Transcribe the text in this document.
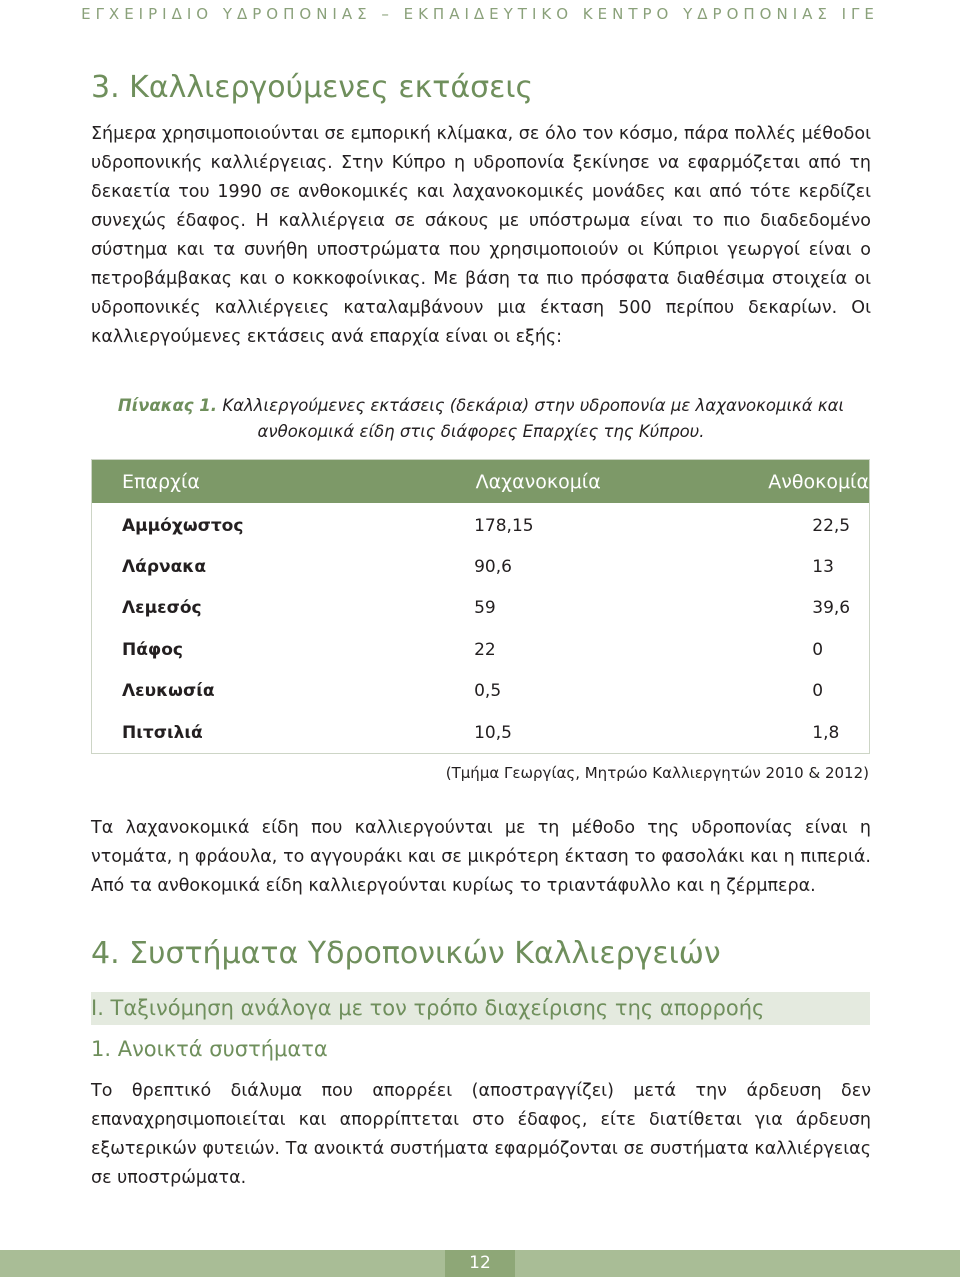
ΕΓΧΕΙΡΙΔΙΟ ΥΔΡΟΠΟΝΙΑΣ – ΕΚΠΑΙΔΕΥΤΙΚΟ ΚΕΝΤΡΟ ΥΔΡΟΠΟΝΙΑΣ ΙΓΕ
3. Καλλιεργούμενες εκτάσεις

Σήμερα χρησιμοποιούνται σε εμπορική κλίμακα, σε όλο τον κόσμο, πάρα πολλές μέθοδοι υδροπονικής καλλιέργειας. Στην Κύπρο η υδροπονία ξεκίνησε να εφαρμόζεται από τη δεκαετία του 1990 σε ανθοκομικές και λαχανοκομικές μονάδες και από τότε κερδίζει συνεχώς έδαφος. Η καλλιέργεια σε σάκους με υπόστρωμα είναι το πιο διαδεδομένο σύστημα και τα συνήθη υποστρώματα που χρησιμοποιούν οι Κύπριοι γεωργοί είναι ο πετροβάμβακας και ο κοκκοφοίνικας. Με βάση τα πιο πρόσφατα διαθέσιμα στοιχεία οι υδροπονικές καλλιέργειες καταλαμβάνουν μια έκταση 500 περίπου δεκαρίων. Οι καλλιεργούμενες εκτάσεις ανά επαρχία είναι οι εξής:

Πίνακας 1. Καλλιεργούμενες εκτάσεις (δεκάρια) στην υδροπονία με λαχανοκομικά και ανθοκομικά είδη στις διάφορες Επαρχίες της Κύπρου.

Επαρχία	Λαχανοκομία	Ανθοκομία
Αμμόχωστος	178,15	22,5
Λάρνακα	90,6	13
Λεμεσός	59	39,6
Πάφος	22	0
Λευκωσία	0,5	0
Πιτσιλιά	10,5	1,8
(Τμήμα Γεωργίας, Μητρώο Καλλιεργητών 2010 & 2012)

Τα λαχανοκομικά είδη που καλλιεργούνται με τη μέθοδο της υδροπονίας είναι η ντομάτα, η φράουλα, το αγγουράκι και σε μικρότερη έκταση το φασολάκι και η πιπεριά. Από τα ανθοκομικά είδη καλλιεργούνται κυρίως το τριαντάφυλλο και η ζέρμπερα.

4. Συστήματα Υδροπονικών Καλλιεργειών
I. Ταξινόμηση ανάλογα με τον τρόπο διαχείρισης της απορροής
1. Ανοικτά συστήματα

Το θρεπτικό διάλυμα που απορρέει (αποστραγγίζει) μετά την άρδευση δεν επαναχρησιμοποιείται και απορρίπτεται στο έδαφος, είτε διατίθεται για άρδευση εξωτερικών φυτειών. Τα ανοικτά συστήματα εφαρμόζονται σε συστήματα καλλιέργειας σε υποστρώματα.

12
